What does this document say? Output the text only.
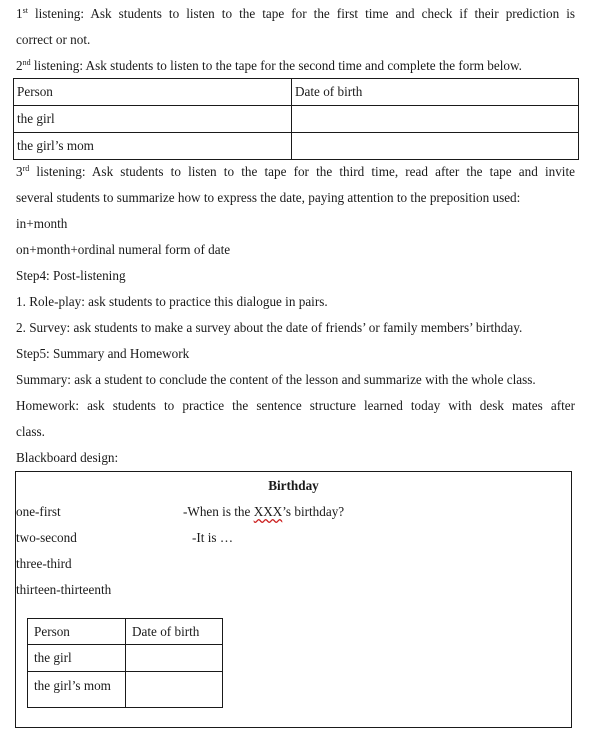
1st listening: Ask students to listen to the tape for the first time and check if their prediction is
correct or not.
2nd listening: Ask students to listen to the tape for the second time and complete the form below.
Person	Date of birth
the girl	
the girl’s mom	
3rd listening: Ask students to listen to the tape for the third time, read after the tape and invite
several students to summarize how to express the date, paying attention to the preposition used:
in+month
on+month+ordinal numeral form of date
Step4: Post-listening
1. Role-play: ask students to practice this dialogue in pairs.
2. Survey: ask students to make a survey about the date of friends’ or family members’ birthday.
Step5: Summary and Homework
Summary: ask a student to conclude the content of the lesson and summarize with the whole class.
Homework: ask students to practice the sentence structure learned today with desk mates after
class.
Blackboard design:
Birthday
one-first
two-second
three-third
thirteen-thirteenth
-When is the XXX’s birthday?
-It is …
Person	Date of birth
the girl	
the girl’s mom	
